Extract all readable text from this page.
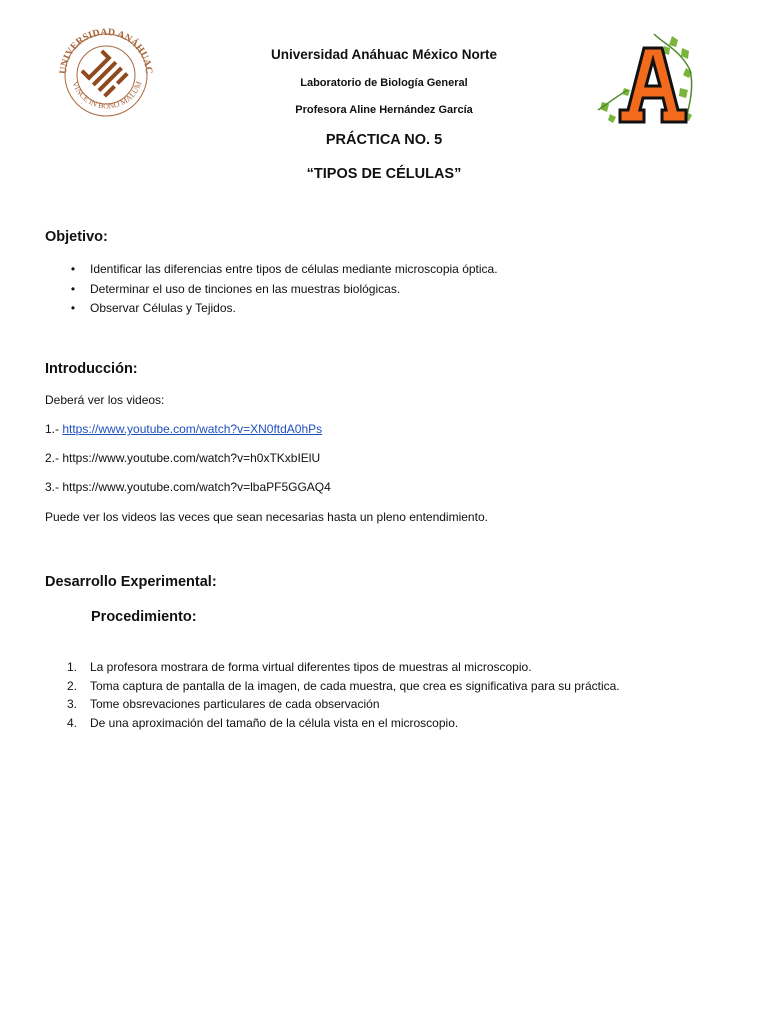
UNIVERSIDAD ANÁHUAC
VINCE IN BONO MALUM
Universidad Anáhuac México Norte
Laboratorio de Biología General
Profesora Aline Hernández García
PRÁCTICA NO. 5
“TIPOS DE CÉLULAS”
Objetivo:
• Identificar las diferencias entre tipos de células mediante microscopia óptica.
• Determinar el uso de tinciones en las muestras biológicas.
• Observar Células y Tejidos.
Introducción:
Deberá ver los videos:
1.- https://www.youtube.com/watch?v=XN0ftdA0hPs
2.- https://www.youtube.com/watch?v=h0xTKxbIElU
3.- https://www.youtube.com/watch?v=lbaPF5GGAQ4
Puede ver los videos las veces que sean necesarias hasta un pleno entendimiento.
Desarrollo Experimental:
Procedimiento:
1. La profesora mostrara de forma virtual diferentes tipos de muestras al microscopio.
2. Toma captura de pantalla de la imagen, de cada muestra, que crea es significativa para su práctica.
3. Tome obsrevaciones particulares de cada observación
4. De una aproximación del tamaño de la célula vista en el microscopio.
